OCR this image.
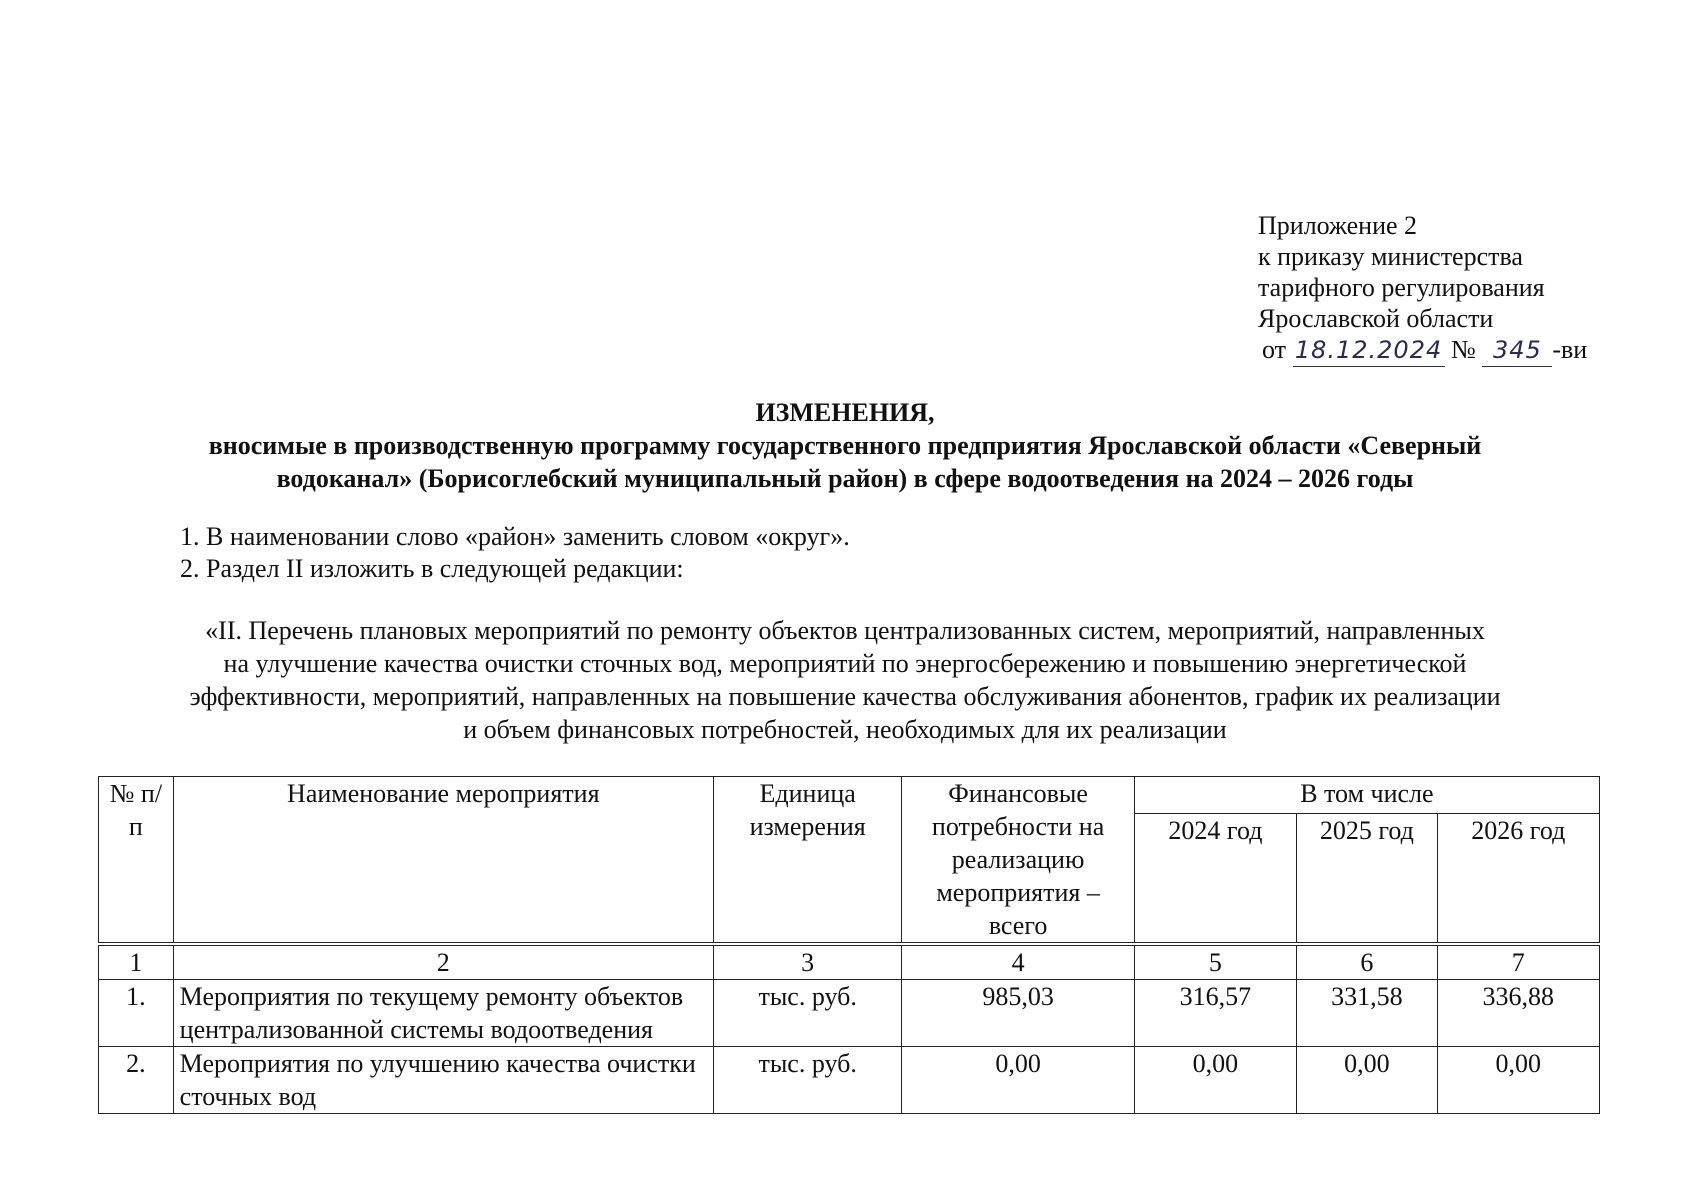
Приложение 2
к приказу министерства
тарифного регулирования
Ярославской области
от 18.12.2024 № 345 -ви
ИЗМЕНЕНИЯ,
вносимые в производственную программу государственного предприятия Ярославской области «Северный
водоканал» (Борисоглебский муниципальный район) в сфере водоотведения на 2024 – 2026 годы
1. В наименовании слово «район» заменить словом «округ».
2. Раздел II изложить в следующей редакции:
«II. Перечень плановых мероприятий по ремонту объектов централизованных систем, мероприятий, направленных
на улучшение качества очистки сточных вод, мероприятий по энергосбережению и повышению энергетической
эффективности, мероприятий, направленных на повышение качества обслуживания абонентов, график их реализации
и объем финансовых потребностей, необходимых для их реализации
№ п/п	Наименование мероприятия	Единица измерения	Финансовые потребности на реализацию мероприятия – всего	В том числе		
				2024 год	2025 год	2026 год
1	2	3	4	5	6	7
1.	Мероприятия по текущему ремонту объектов централизованной системы водоотведения	тыс. руб.	985,03	316,57	331,58	336,88
2.	Мероприятия по улучшению качества очистки сточных вод	тыс. руб.	0,00	0,00	0,00	0,00
